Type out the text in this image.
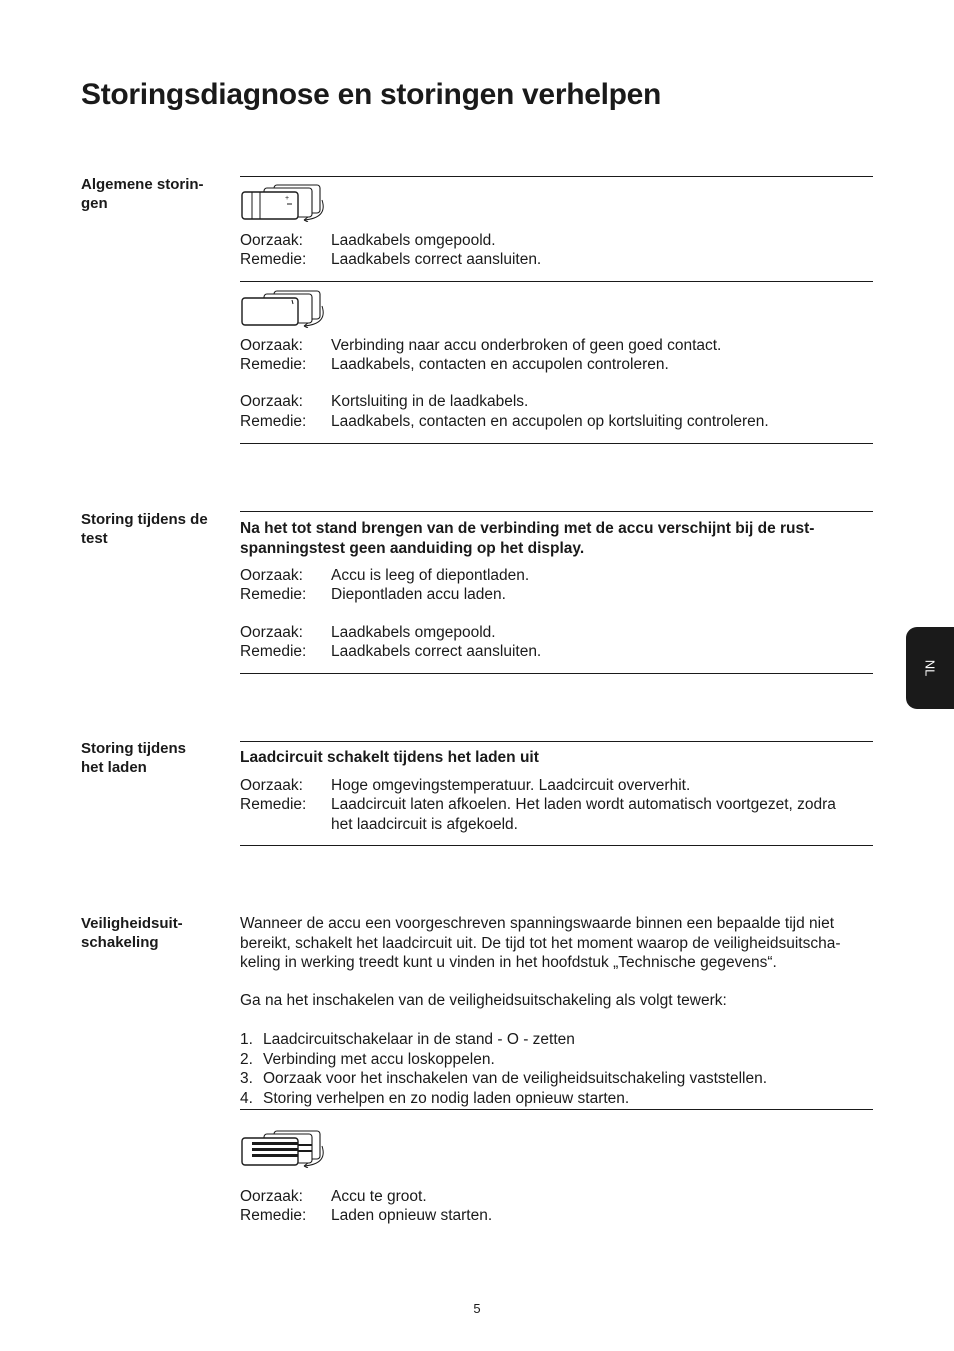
Storingsdiagnose en storingen verhelpen
Algemene storin-
gen	+
Oorzaak:	Laadkabels omgepoold.
Remedie:	Laadkabels correct aansluiten.
Oorzaak:	Verbinding naar accu onderbroken of geen goed contact.
Remedie:	Laadkabels, contacten en accupolen controleren.
Oorzaak:	Kortsluiting in de laadkabels.
Remedie:	Laadkabels, contacten en accupolen op kortsluiting controleren.
Storing tijdens de
test
Na het tot stand brengen van de verbinding met de accu verschijnt bij de rust-
spanningstest geen aanduiding op het display.
Oorzaak:	Accu is leeg of diepontladen.
Remedie:	Diepontladen accu laden.
Oorzaak:	Laadkabels omgepoold.
Remedie:	Laadkabels correct aansluiten.
Storing tijdens
het laden
Laadcircuit schakelt tijdens het laden uit
Oorzaak:	Hoge omgevingstemperatuur. Laadcircuit oververhit.
Remedie:	Laadcircuit laten afkoelen. Het laden wordt automatisch voortgezet, zodra
het laadcircuit is afgekoeld.
Veiligheidsuit-
schakeling
Wanneer de accu een voorgeschreven spanningswaarde binnen een bepaalde tijd niet
bereikt, schakelt het laadcircuit uit. De tijd tot het moment waarop de veiligheidsuitscha-
keling in werking treedt kunt u vinden in het hoofdstuk „Technische gegevens“.
Ga na het inschakelen van de veiligheidsuitschakeling als volgt tewerk:
1. Laadcircuitschakelaar in de stand - O - zetten
2. Verbinding met accu loskoppelen.
3. Oorzaak voor het inschakelen van de veiligheidsuitschakeling vaststellen.
4. Storing verhelpen en zo nodig laden opnieuw starten.
Oorzaak:	Accu te groot.
Remedie:	Laden opnieuw starten.
NL
5
